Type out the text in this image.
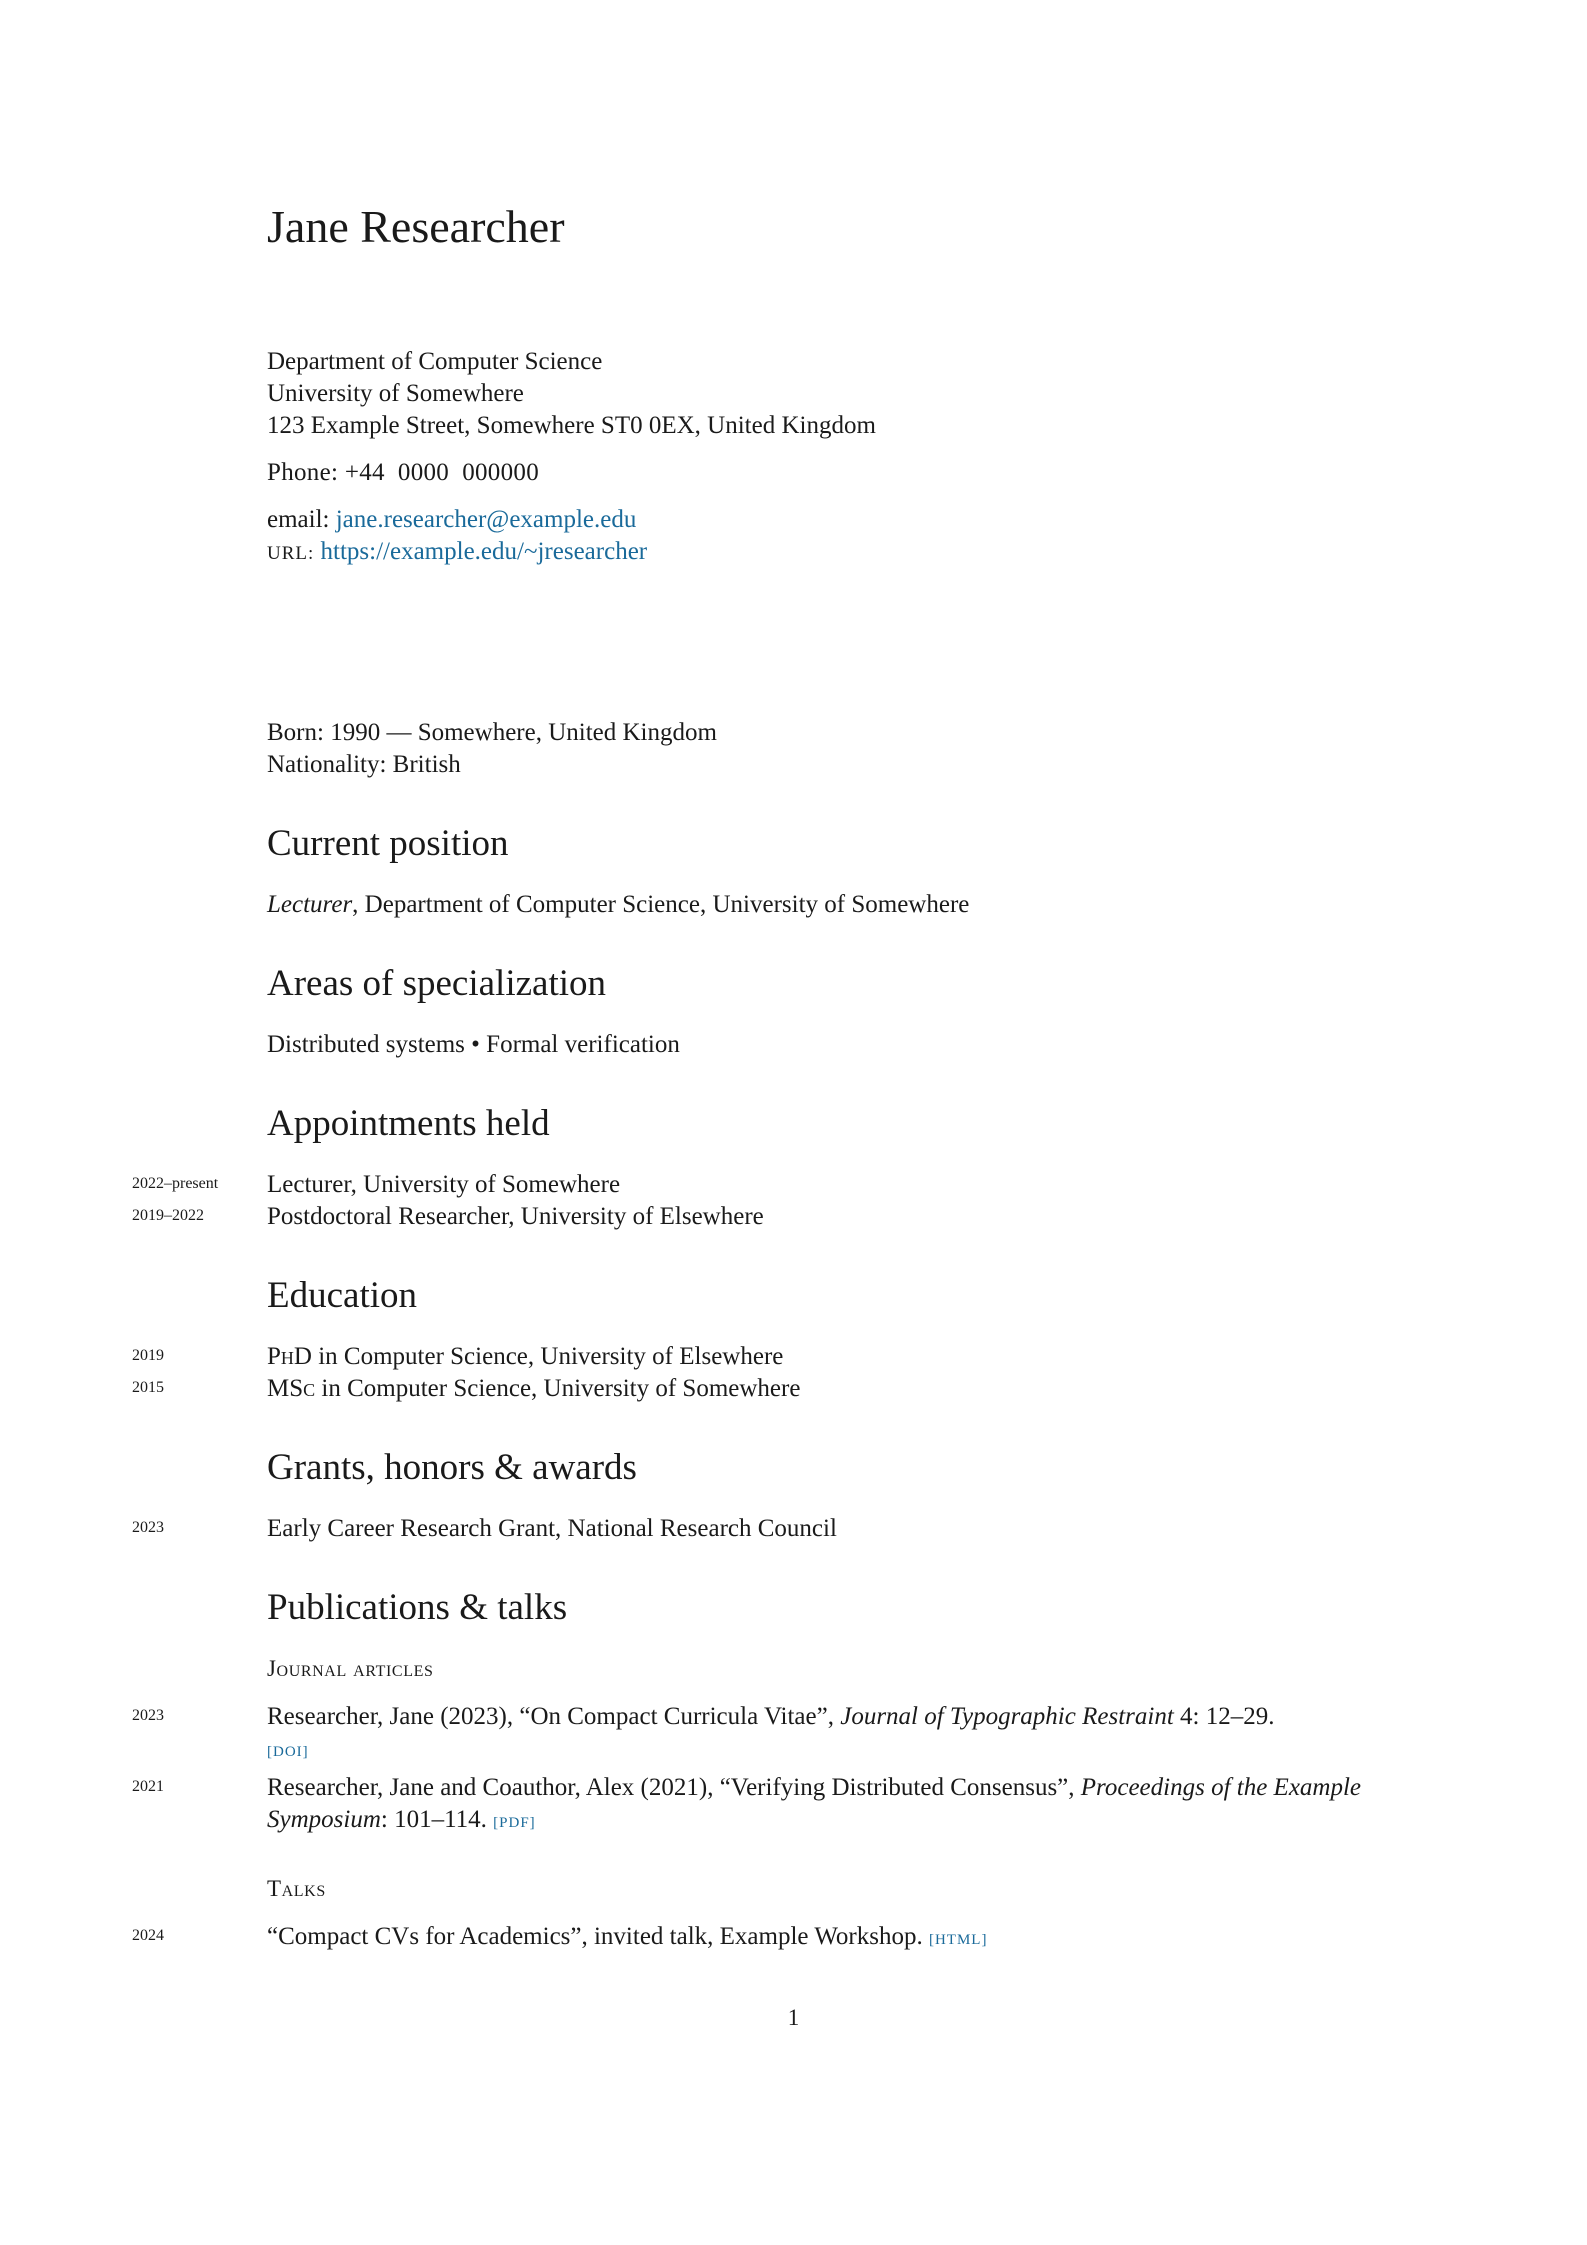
Jane Researcher
Department of Computer Science
University of Somewhere
123 Example Street, Somewhere ST0 0EX, United Kingdom
Phone: +44  0000  000000
email: jane.researcher@example.edu
URL: https://example.edu/~jresearcher
Born: 1990 — Somewhere, United Kingdom
Nationality: British
Current position
Lecturer, Department of Computer Science, University of Somewhere
Areas of specialization
Distributed systems • Formal verification
Appointments held
2022–present	Lecturer, University of Somewhere
2019–2022	Postdoctoral Researcher, University of Elsewhere
Education
2019	PhD in Computer Science, University of Elsewhere
2015	MSc in Computer Science, University of Somewhere
Grants, honors & awards
2023	Early Career Research Grant, National Research Council
Publications & talks
Journal articles
2023	Researcher, Jane (2023), “On Compact Curricula Vitae”, Journal of Typographic Restraint 4: 12–29.
[DOI]
2021	Researcher, Jane and Coauthor, Alex (2021), “Verifying Distributed Consensus”, Proceedings of the Example Symposium: 101–114. [PDF]
Talks
2024	“Compact CVs for Academics”, invited talk, Example Workshop. [HTML]
1
